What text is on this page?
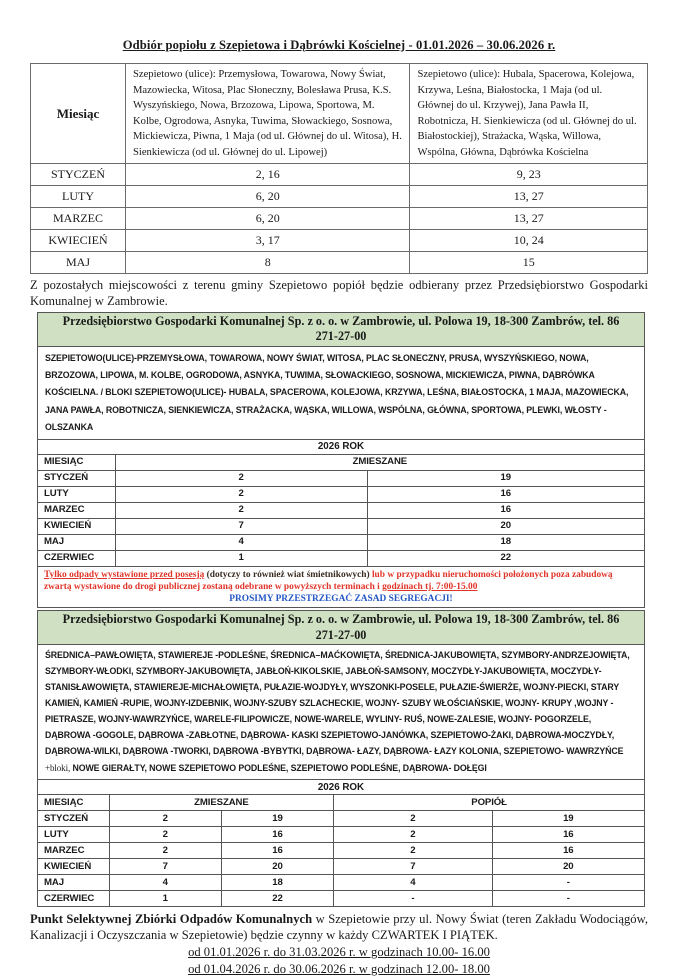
Odbiór popiołu z Szepietowa i Dąbrówki Kościelnej - 01.01.2026 – 30.06.2026 r.
Miesiąc	Szepietowo (ulice): Przemysłowa, Towarowa, Nowy Świat, Mazowiecka, Witosa, Plac Słoneczny, Bolesława Prusa, K.S. Wyszyńskiego, Nowa, Brzozowa, Lipowa, Sportowa, M. Kolbe, Ogrodowa, Asnyka, Tuwima, Słowackiego, Sosnowa, Mickiewicza, Piwna, 1 Maja (od ul. Głównej do ul. Witosa), H. Sienkiewicza (od ul. Głównej do ul. Lipowej)	Szepietowo (ulice): Hubala, Spacerowa, Kolejowa, Krzywa, Leśna, Białostocka, 1 Maja (od ul. Głównej do ul. Krzywej), Jana Pawła II, Robotnicza, H. Sienkiewicza (od ul. Głównej do ul. Białostockiej), Strażacka, Wąska, Willowa, Wspólna, Główna, Dąbrówka Kościelna
STYCZEŃ	2, 16	9, 23
LUTY	6, 20	13, 27
MARZEC	6, 20	13, 27
KWIECIEŃ	3, 17	10, 24
MAJ	8	15

Z pozostałych miejscowości z terenu gminy Szepietowo popiół będzie odbierany przez Przedsiębiorstwo Gospodarki Komunalnej w Zambrowie.

Przedsiębiorstwo Gospodarki Komunalnej Sp. z o. o. w Zambrowie, ul. Polowa 19, 18-300 Zambrów, tel. 86 271-27-00		
SZEPIETOWO(ULICE)-PRZEMYSŁOWA, TOWAROWA, NOWY ŚWIAT, WITOSA, PLAC SŁONECZNY, PRUSA, WYSZYŃSKIEGO, NOWA, BRZOZOWA, LIPOWA, M. KOLBE, OGRODOWA, ASNYKA, TUWIMA, SŁOWACKIEGO, SOSNOWA, MICKIEWICZA, PIWNA, DĄBRÓWKA KOŚCIELNA. / BLOKI SZEPIETOWO(ULICE)- HUBALA, SPACEROWA, KOLEJOWA, KRZYWA, LEŚNA, BIAŁOSTOCKA, 1 MAJA, MAZOWIECKA, JANA PAWŁA, ROBOTNICZA, SIENKIEWICZA, STRAŻACKA, WĄSKA, WILLOWA, WSPÓLNA, GŁÓWNA, SPORTOWA, PLEWKI, WŁOSTY -OLSZANKA		
2026 ROK		
MIESIĄC	ZMIESZANE	
STYCZEŃ	2	19
LUTY	2	16
MARZEC	2	16
KWIECIEŃ	7	20
MAJ	4	18
CZERWIEC	1	22

Tylko odpady wystawione przed posesją (dotyczy to również wiat śmietnikowych) lub w przypadku nieruchomości położonych poza zabudową zwartą wystawione do drogi publicznej zostaną odebrane w powyższych terminach i godzinach tj. 7:00-15.00
PROSIMY PRZESTRZEGAĆ ZASAD SEGREGACJI!		
Przedsiębiorstwo Gospodarki Komunalnej Sp. z o. o. w Zambrowie, ul. Polowa 19, 18-300 Zambrów, tel. 86 271-27-00				
ŚREDNICA–PAWŁOWIĘTA, STAWIEREJE -PODLEŚNE, ŚREDNICA–MAĆKOWIĘTA, ŚREDNICA-JAKUBOWIĘTA, SZYMBORY-ANDRZEJOWIĘTA, SZYMBORY-WŁODKI, SZYMBORY-JAKUBOWIĘTA, JABŁOŃ-KIKOLSKIE, JABŁOŃ-SAMSONY, MOCZYDŁY-JAKUBOWIĘTA, MOCZYDŁY-STANISŁAWOWIĘTA, STAWIEREJE-MICHAŁOWIĘTA, PUŁAZIE-WOJDYŁY, WYSZONKI-POSELE, PUŁAZIE-ŚWIERŻE, WOJNY-PIECKI, STARY KAMIEŃ, KAMIEŃ -RUPIE, WOJNY-IZDEBNIK, WOJNY-SZUBY SZLACHECKIE, WOJNY- SZUBY WŁOŚCIAŃSKIE, WOJNY- KRUPY ,WOJNY -PIETRASZE, WOJNY-WAWRZYŃCE, WARELE-FILIPOWICZE, NOWE-WARELE, WYLINY- RUŚ, NOWE-ZALESIE, WOJNY- POGORZELE, DĄBROWA -GOGOLE, DĄBROWA -ZABŁOTNE, DĄBROWA- KASKI SZEPIETOWO-JANÓWKA, SZEPIETOWO-ŻAKI, DĄBROWA-MOCZYDŁY, DĄBROWA-WILKI, DĄBROWA -TWORKI, DĄBROWA -BYBYTKI, DĄBROWA- ŁAZY, DĄBROWA- ŁAZY KOLONIA, SZEPIETOWO- WAWRZYŃCE +bloki, NOWE GIERAŁTY, NOWE SZEPIETOWO PODLEŚNE, SZEPIETOWO PODLEŚNE, DĄBROWA- DOŁĘGI				
2026 ROK				
MIESIĄC	ZMIESZANE		POPIÓŁ	
STYCZEŃ	2	19	2	19
LUTY	2	16	2	16
MARZEC	2	16	2	16
KWIECIEŃ	7	20	7	20
MAJ	4	18	4	-
CZERWIEC	1	22	-	-

Punkt Selektywnej Zbiórki Odpadów Komunalnych w Szepietowie przy ul. Nowy Świat (teren Zakładu Wodociągów, Kanalizacji i Oczyszczania w Szepietowie) będzie czynny w każdy CZWARTEK I PIĄTEK.

od 01.01.2026 r. do 31.03.2026 r. w godzinach 10.00- 16.00
od 01.04.2026 r. do 30.06.2026 r. w godzinach 12.00- 18.00
